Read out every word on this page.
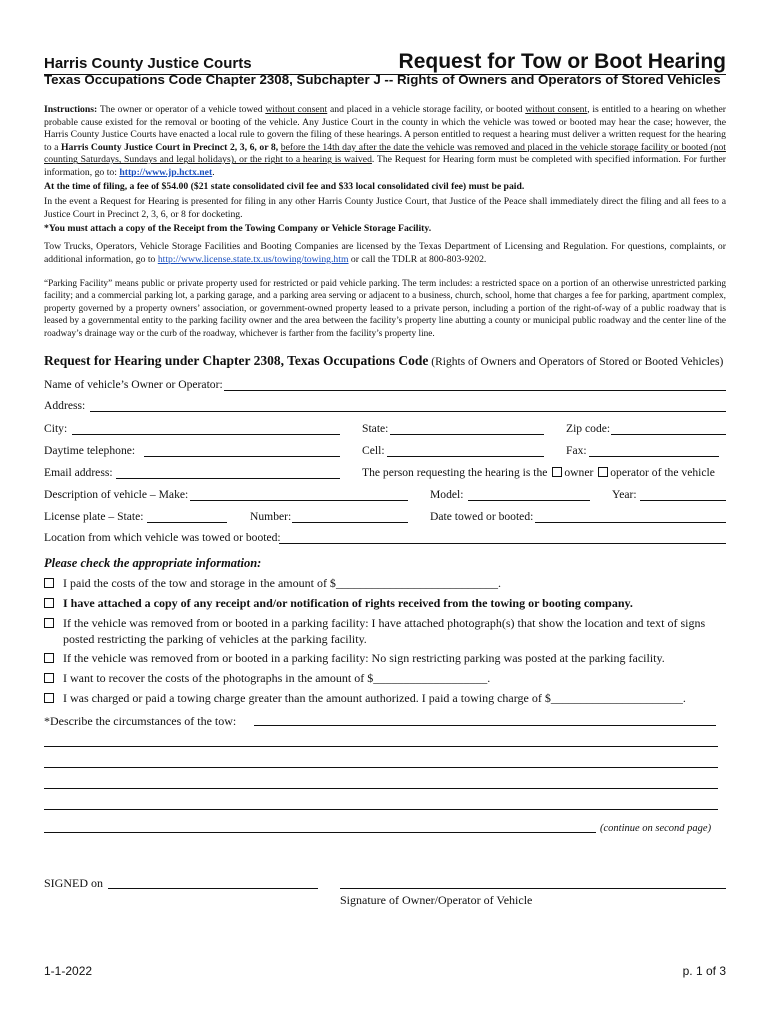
Harris County Justice Courts	Request for Tow or Boot Hearing
Texas Occupations Code Chapter 2308, Subchapter J -- Rights of Owners and Operators of Stored Vehicles
Instructions: The owner or operator of a vehicle towed without consent and placed in a vehicle storage facility, or booted without consent, is entitled to a hearing on whether probable cause existed for the removal or booting of the vehicle. Any Justice Court in the county in which the vehicle was towed or booted may hear the case; however, the Harris County Justice Courts have enacted a local rule to govern the filing of these hearings. A person entitled to request a hearing must deliver a written request for the hearing to a Harris County Justice Court in Precinct 2, 3, 6, or 8, before the 14th day after the date the vehicle was removed and placed in the vehicle storage facility or booted (not counting Saturdays, Sundays and legal holidays), or the right to a hearing is waived. The Request for Hearing form must be completed with specified information. For further information, go to: http://www.jp.hctx.net.
At the time of filing, a fee of $54.00 ($21 state consolidated civil fee and $33 local consolidated civil fee) must be paid.
In the event a Request for Hearing is presented for filing in any other Harris County Justice Court, that Justice of the Peace shall immediately direct the filing and all fees to a Justice Court in Precinct 2, 3, 6, or 8 for docketing.
*You must attach a copy of the Receipt from the Towing Company or Vehicle Storage Facility.
Tow Trucks, Operators, Vehicle Storage Facilities and Booting Companies are licensed by the Texas Department of Licensing and Regulation. For questions, complaints, or additional information, go to http://www.license.state.tx.us/towing/towing.htm or call the TDLR at 800-803-9202.
“Parking Facility” means public or private property used for restricted or paid vehicle parking. The term includes: a restricted space on a portion of an otherwise unrestricted parking facility; and a commercial parking lot, a parking garage, and a parking area serving or adjacent to a business, church, school, home that charges a fee for parking, apartment complex, property governed by a property owners’ association, or government-owned property leased to a private person, including a portion of the right-of-way of a public roadway that is leased by a governmental entity to the parking facility owner and the area between the facility’s property line abutting a county or municipal public roadway and the center line of the roadway’s drainage way or the curb of the roadway, whichever is farther from the facility’s property line.
Request for Hearing under Chapter 2308, Texas Occupations Code (Rights of Owners and Operators of Stored or Booted Vehicles)
Name of vehicle’s Owner or Operator:
Address:
City:	State:	Zip code:
Daytime telephone:	Cell:	Fax:
Email address:	The person requesting the hearing is the owner operator of the vehicle
Description of vehicle – Make:	Model:	Year:
License plate – State:	Number:	Date towed or booted:
Location from which vehicle was towed or booted:
Please check the appropriate information:
I paid the costs of the tow and storage in the amount of $___________________________.
I have attached a copy of any receipt and/or notification of rights received from the towing or booting company.
If the vehicle was removed from or booted in a parking facility: I have attached photograph(s) that show the location and text of signs posted restricting the parking of vehicles at the parking facility.
If the vehicle was removed from or booted in a parking facility: No sign restricting parking was posted at the parking facility.
I want to recover the costs of the photographs in the amount of $___________________.
I was charged or paid a towing charge greater than the amount authorized. I paid a towing charge of $______________________.
*Describe the circumstances of the tow:
(continue on second page)
SIGNED on
Signature of Owner/Operator of Vehicle
1-1-2022	p. 1 of 3
